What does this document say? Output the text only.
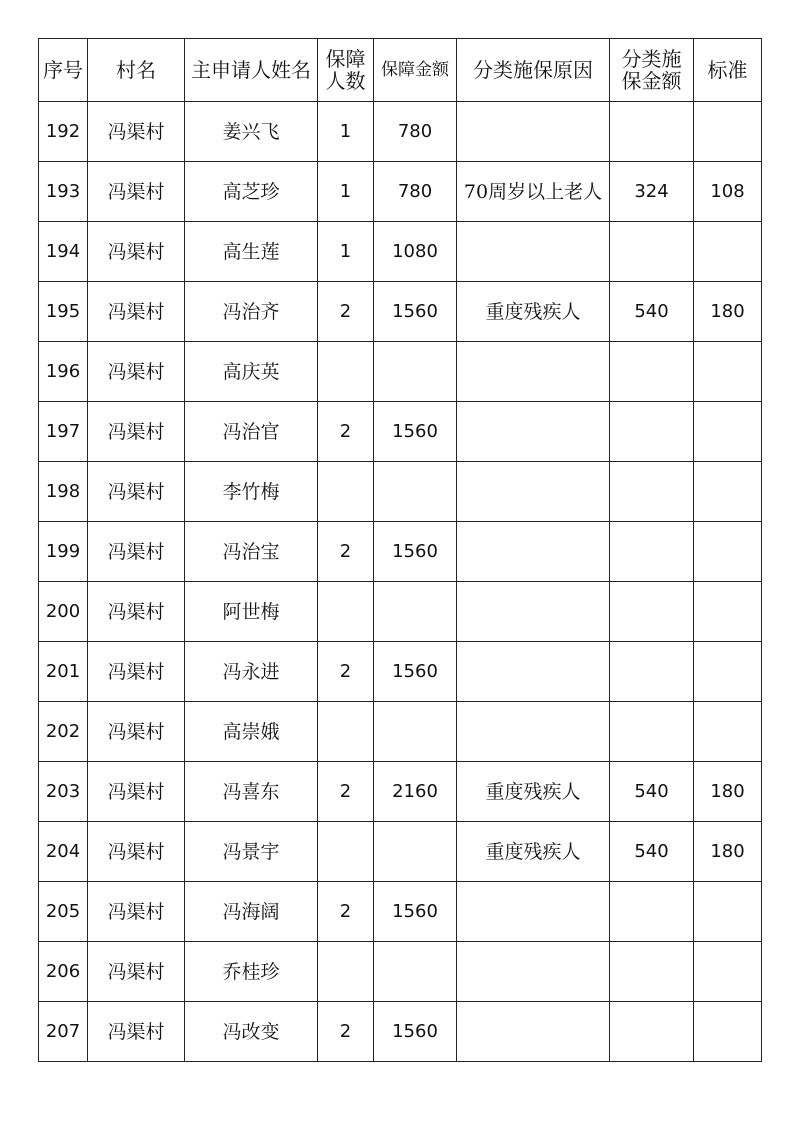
序号	村名	主申请人姓名	保障人数	保障金额	分类施保原因	分类施保金额	标准
192	冯渠村	姜兴飞	1	780			
193	冯渠村	高芝珍	1	780	70周岁以上老人	324	108
194	冯渠村	高生莲	1	1080			
195	冯渠村	冯治齐	2	1560	重度残疾人	540	180
196	冯渠村	高庆英					
197	冯渠村	冯治官	2	1560			
198	冯渠村	李竹梅					
199	冯渠村	冯治宝	2	1560			
200	冯渠村	阿世梅					
201	冯渠村	冯永进	2	1560			
202	冯渠村	高崇娥					
203	冯渠村	冯喜东	2	2160	重度残疾人	540	180
204	冯渠村	冯景宇			重度残疾人	540	180
205	冯渠村	冯海阔	2	1560			
206	冯渠村	乔桂珍					
207	冯渠村	冯改变	2	1560			
